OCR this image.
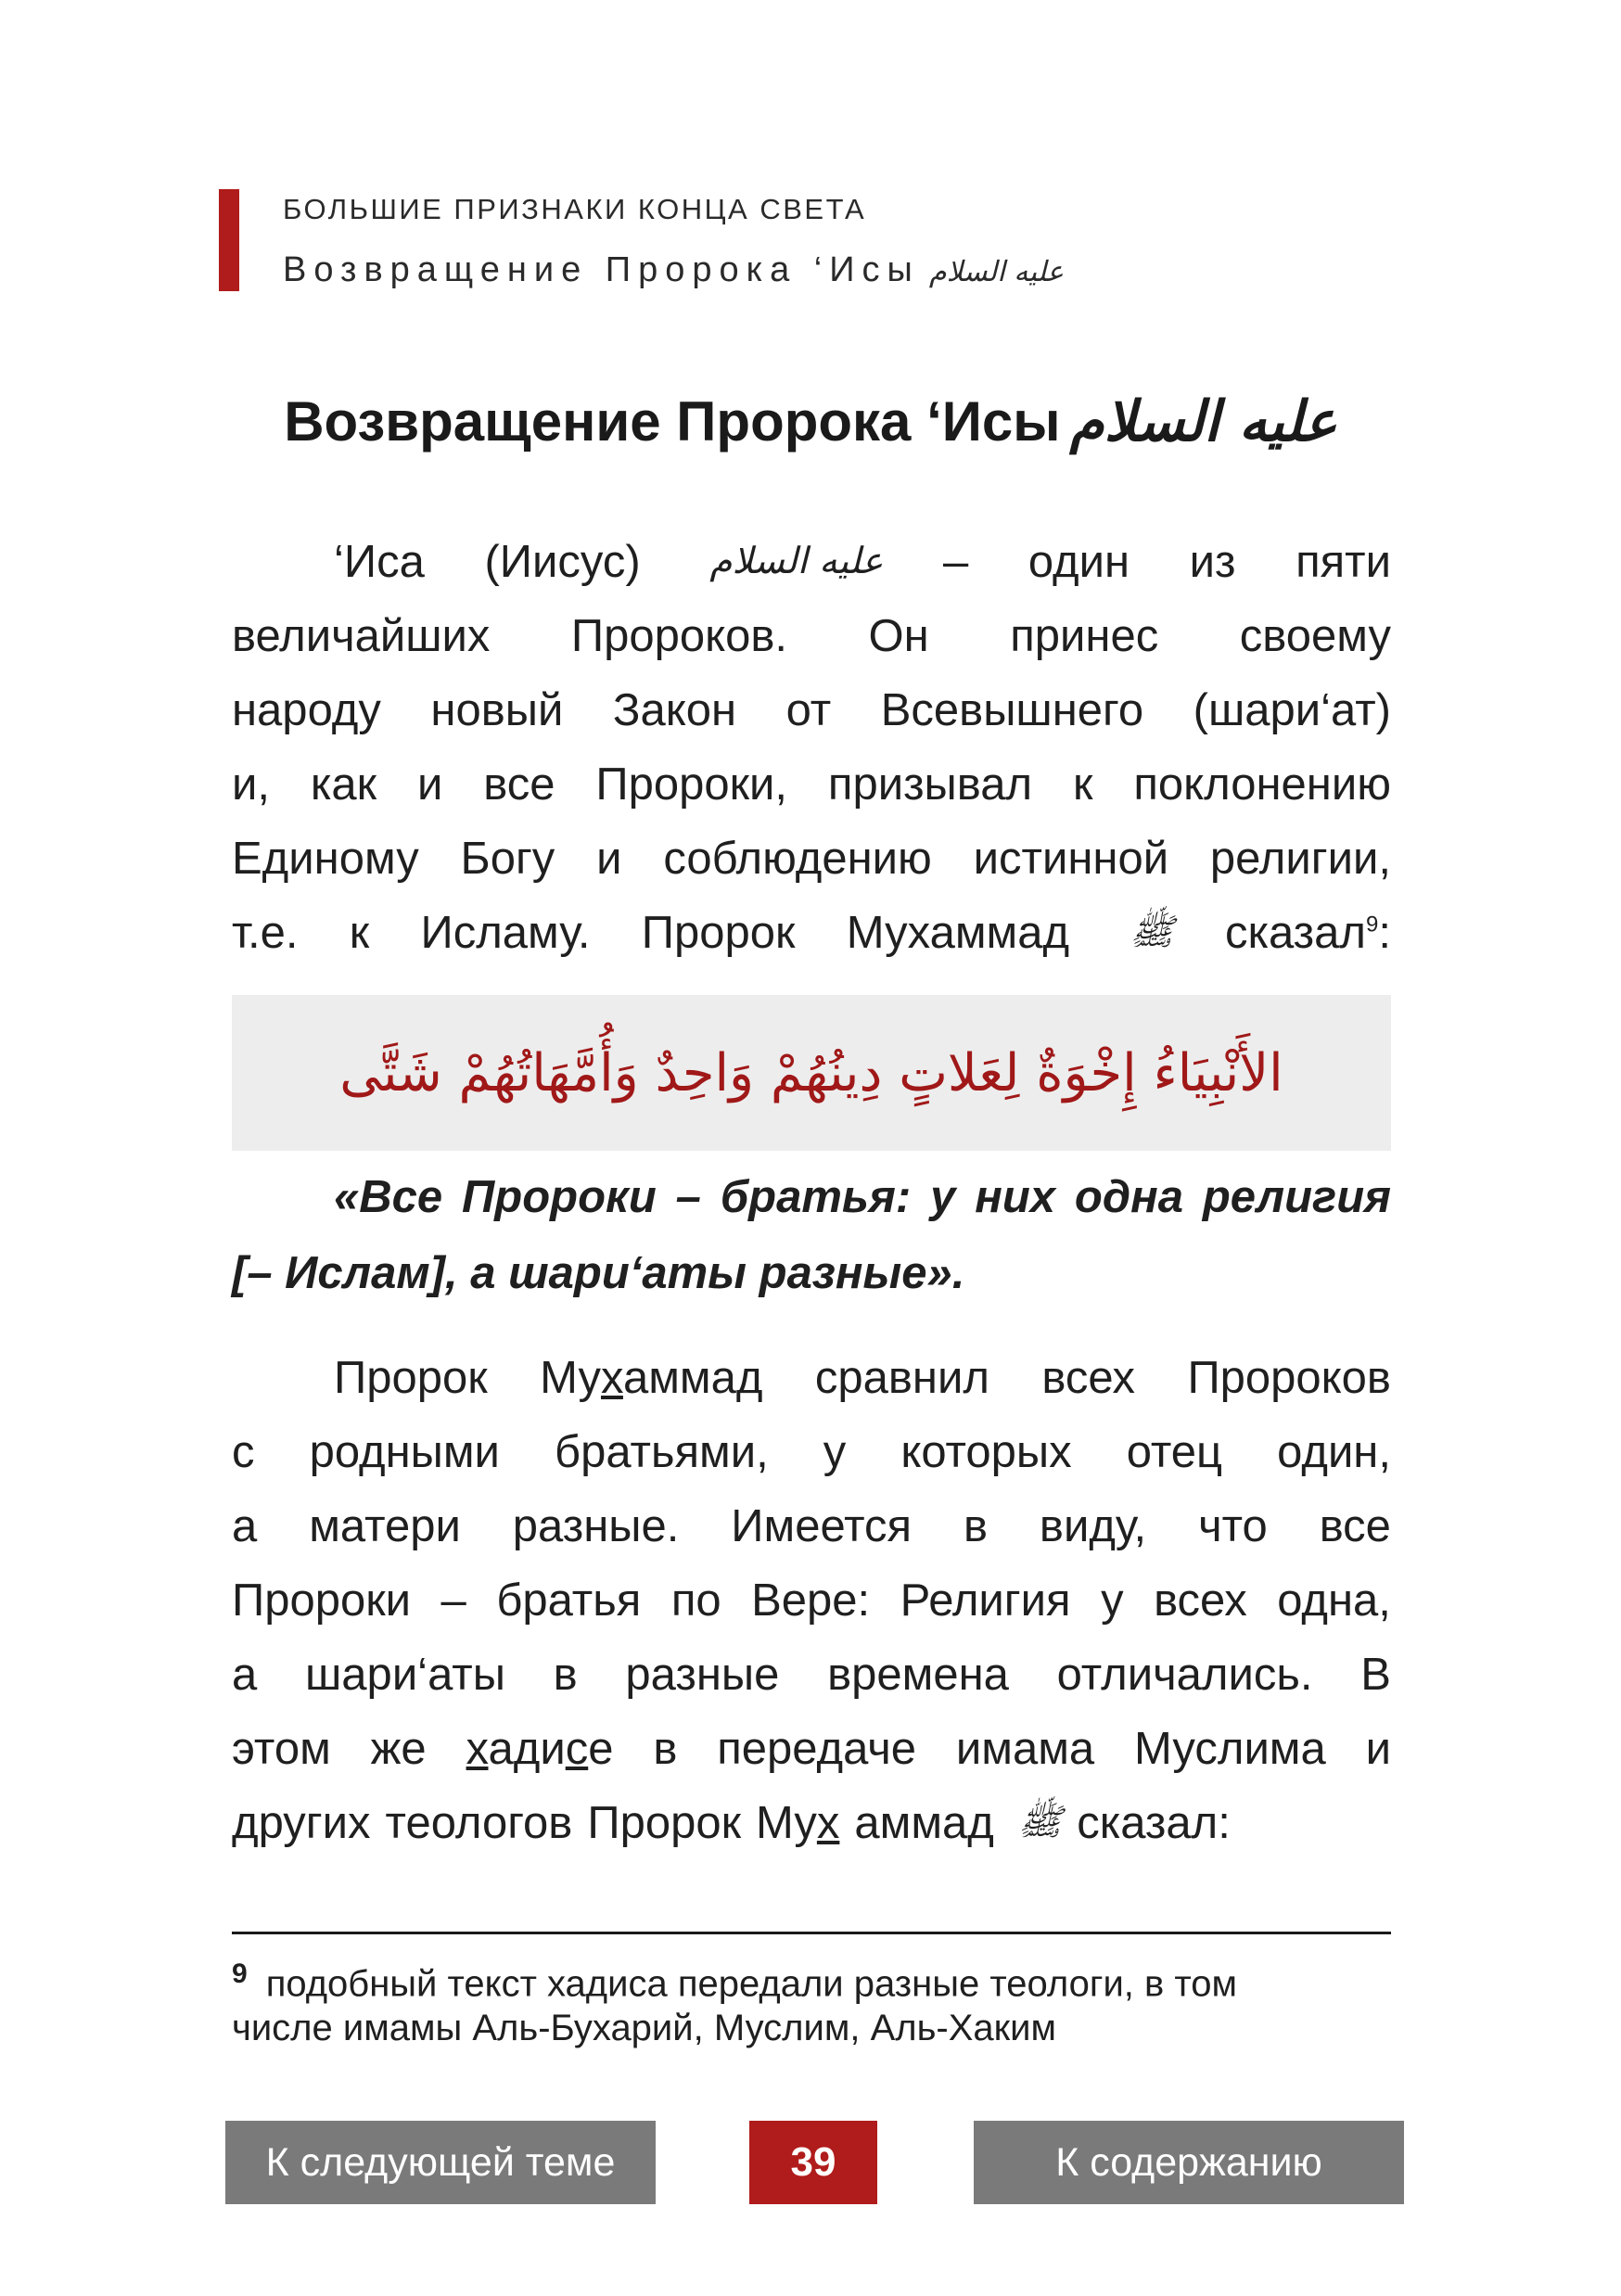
БОЛЬШИЕ ПРИЗНАКИ КОНЦА СВЕТА
Возвращение Пророка ‘Исы عليه السلام
Возвращение Пророка ‘Исы عليه السلام
‘Иса (Иисус) عليه السلام – один из пяти
величайших Пророков. Он принес своему
народу новый Закон от Всевышнего (шари‘ат)
и, как и все Пророки, призывал к поклонению
Единому Богу и соблюдению истинной религии,
т.е. к Исламу. Пророк Мухаммад ﷺ сказал$^9$:
الأَنْبِيَاءُ إِخْوَةٌ لِعَلاتٍ دِينُهُمْ وَاحِدٌ وَأُمَّهَاتُهُمْ شَتَّى
«Все Пророки – братья: у них одна религия
[– Ислам], а шари‘аты разные».
Пророк Мухаммад сравнил всех Пророков
с родными братьями, у которых отец один,
а матери разные. Имеется в виду, что все
Пророки – братья по Вере: Религия у всех одна,
а шари‘аты в разные времена отличались. В
этом же хадисе в передаче имама Муслима и
других теологов Пророк Мух аммад ﷺ сказал:
$^9$ подобный текст хадиса передали разные теологи, в том
числе имамы Аль-Бухарий, Муслим, Аль-Хаким
К следующей теме	39	К содержанию
